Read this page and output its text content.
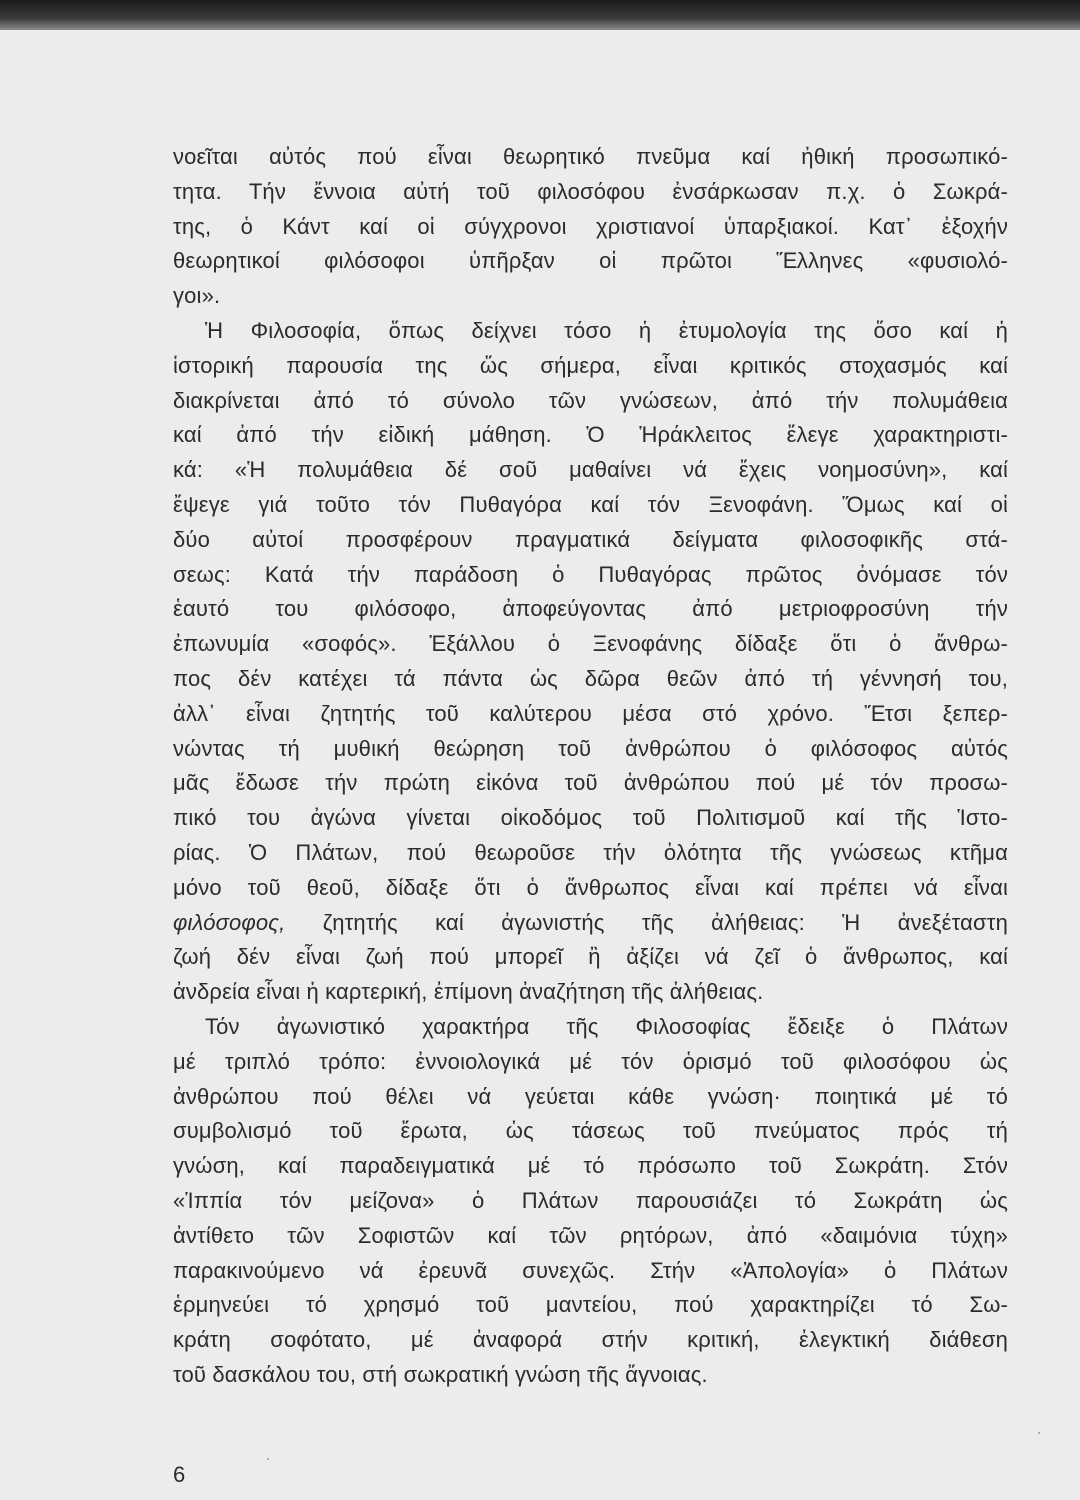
νοεῖται αὐτός πού εἶναι θεωρητικό πνεῦμα καί ἠθική προσωπικό-
τητα. Τήν ἔννοια αὐτή τοῦ φιλοσόφου ἐνσάρκωσαν π.χ. ὁ Σωκρά-
της, ὁ Κάντ καί οἱ σύγχρονοι χριστιανοί ὑπαρξιακοί. Κατ᾽ ἐξοχήν
θεωρητικοί φιλόσοφοι ὑπῆρξαν οἱ πρῶτοι Ἕλληνες «φυσιολό-
γοι».
Ἡ Φιλοσοφία, ὅπως δείχνει τόσο ἡ ἐτυμολογία της ὅσο καί ἡ
ἱστορική παρουσία της ὥς σήμερα, εἶναι κριτικός στοχασμός καί
διακρίνεται ἀπό τό σύνολο τῶν γνώσεων, ἀπό τήν πολυμάθεια
καί ἀπό τήν εἰδική μάθηση. Ὁ Ἡράκλειτος ἔλεγε χαρακτηριστι-
κά: «Ἡ πολυμάθεια δέ σοῦ μαθαίνει νά ἔχεις νοημοσύνη», καί
ἔψεγε γιά τοῦτο τόν Πυθαγόρα καί τόν Ξενοφάνη. Ὅμως καί οἱ
δύο αὐτοί προσφέρουν πραγματικά δείγματα φιλοσοφικῆς στά-
σεως: Κατά τήν παράδοση ὁ Πυθαγόρας πρῶτος ὀνόμασε τόν
ἑαυτό του φιλόσοφο, ἀποφεύγοντας ἀπό μετριοφροσύνη τήν
ἐπωνυμία «σοφός». Ἐξάλλου ὁ Ξενοφάνης δίδαξε ὅτι ὁ ἄνθρω-
πος δέν κατέχει τά πάντα ὡς δῶρα θεῶν ἀπό τή γέννησή του,
ἀλλ᾽ εἶναι ζητητής τοῦ καλύτερου μέσα στό χρόνο. Ἔτσι ξεπερ-
νώντας τή μυθική θεώρηση τοῦ ἀνθρώπου ὁ φιλόσοφος αὐτός
μᾶς ἔδωσε τήν πρώτη εἰκόνα τοῦ ἀνθρώπου πού μέ τόν προσω-
πικό του ἀγώνα γίνεται οἰκοδόμος τοῦ Πολιτισμοῦ καί τῆς Ἱστο-
ρίας. Ὁ Πλάτων, πού θεωροῦσε τήν ὁλότητα τῆς γνώσεως κτῆμα
μόνο τοῦ θεοῦ, δίδαξε ὅτι ὁ ἄνθρωπος εἶναι καί πρέπει νά εἶναι
φιλόσοφος, ζητητής καί ἀγωνιστής τῆς ἀλήθειας: Ἡ ἀνεξέταστη
ζωή δέν εἶναι ζωή πού μπορεῖ ἢ ἀξίζει νά ζεῖ ὁ ἄνθρωπος, καί
ἀνδρεία εἶναι ἡ καρτερική, ἐπίμονη ἀναζήτηση τῆς ἀλήθειας.
Τόν ἀγωνιστικό χαρακτήρα τῆς Φιλοσοφίας ἔδειξε ὁ Πλάτων
μέ τριπλό τρόπο: ἐννοιολογικά μέ τόν ὁρισμό τοῦ φιλοσόφου ὡς
ἀνθρώπου πού θέλει νά γεύεται κάθε γνώση· ποιητικά μέ τό
συμβολισμό τοῦ ἔρωτα, ὡς τάσεως τοῦ πνεύματος πρός τή
γνώση, καί παραδειγματικά μέ τό πρόσωπο τοῦ Σωκράτη. Στόν
«Ἱππία τόν μείζονα» ὁ Πλάτων παρουσιάζει τό Σωκράτη ὡς
ἀντίθετο τῶν Σοφιστῶν καί τῶν ρητόρων, ἀπό «δαιμόνια τύχη»
παρακινούμενο νά ἐρευνᾶ συνεχῶς. Στήν «Ἀπολογία» ὁ Πλάτων
ἑρμηνεύει τό χρησμό τοῦ μαντείου, πού χαρακτηρίζει τό Σω-
κράτη σοφότατο, μέ ἀναφορά στήν κριτική, ἐλεγκτική διάθεση
τοῦ δασκάλου του, στή σωκρατική γνώση τῆς ἄγνοιας.
6
